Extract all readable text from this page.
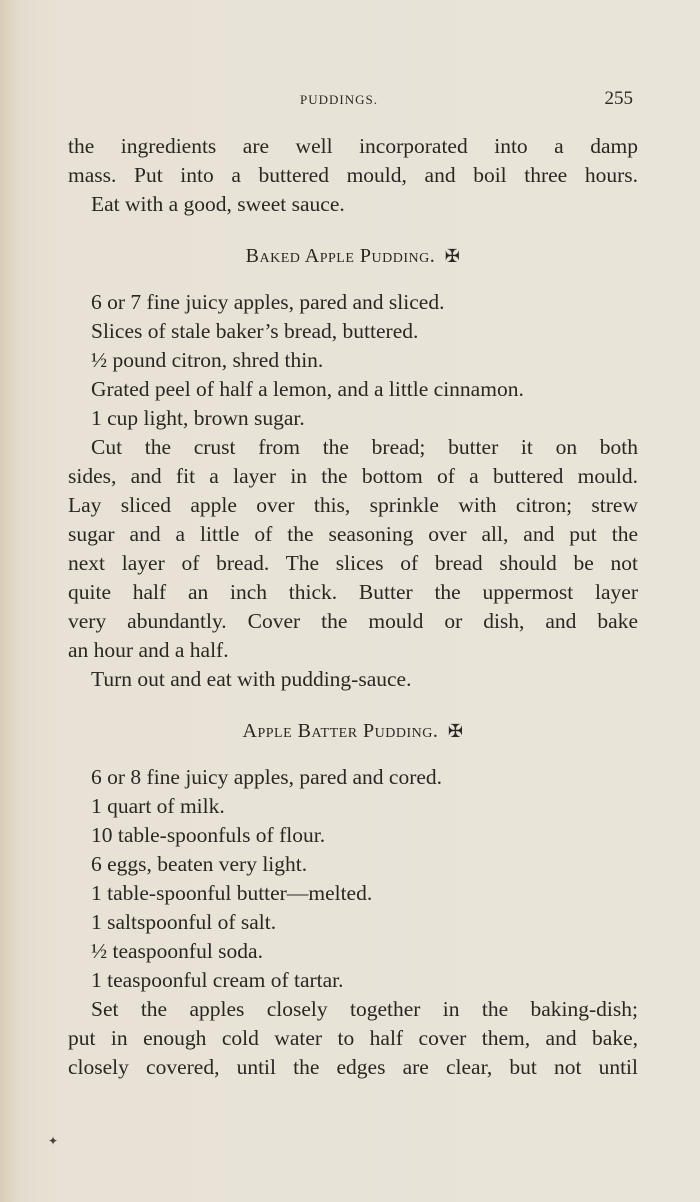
PUDDINGS.	255
the ingredients are well incorporated into a damp
mass. Put into a buttered mould, and boil three hours.
Eat with a good, sweet sauce.
Baked Apple Pudding. ✠
6 or 7 fine juicy apples, pared and sliced.
Slices of stale baker’s bread, buttered.
½ pound citron, shred thin.
Grated peel of half a lemon, and a little cinnamon.
1 cup light, brown sugar.
Cut the crust from the bread; butter it on both
sides, and fit a layer in the bottom of a buttered mould.
Lay sliced apple over this, sprinkle with citron; strew
sugar and a little of the seasoning over all, and put the
next layer of bread. The slices of bread should be not
quite half an inch thick. Butter the uppermost layer
very abundantly. Cover the mould or dish, and bake
an hour and a half.
Turn out and eat with pudding-sauce.
Apple Batter Pudding. ✠
6 or 8 fine juicy apples, pared and cored.
1 quart of milk.
10 table-spoonfuls of flour.
6 eggs, beaten very light.
1 table-spoonful butter—melted.
1 saltspoonful of salt.
½ teaspoonful soda.
1 teaspoonful cream of tartar.
Set the apples closely together in the baking-dish;
put in enough cold water to half cover them, and bake,
closely covered, until the edges are clear, but not until
✦
